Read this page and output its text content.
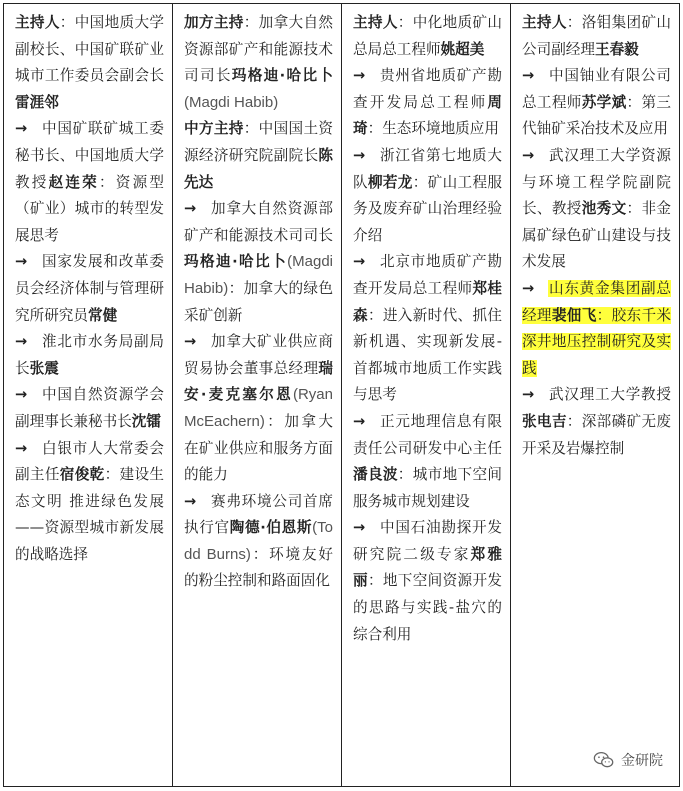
主持人：中国地质大学副校长、中国矿联矿业城市工作委员会副会长雷涯邻
→ 中国矿联矿城工委秘书长、中国地质大学教授赵连荣：资源型（矿业）城市的转型发展思考
→ 国家发展和改革委员会经济体制与管理研究所研究员常健
→ 淮北市水务局副局长张震
→ 中国自然资源学会副理事长兼秘书长沈镭
→ 白银市人大常委会副主任宿俊乾：建设生态文明 推进绿色发展——资源型城市新发展的战略选择

加方主持：加拿大自然资源部矿产和能源技术司司长玛格迪·哈比卜(Magdi Habib)
中方主持：中国国土资源经济研究院副院长陈先达
→ 加拿大自然资源部矿产和能源技术司司长玛格迪·哈比卜(Magdi Habib)：加拿大的绿色采矿创新
→ 加拿大矿业供应商贸易协会董事总经理瑞安·麦克塞尔恩(Ryan McEachern)：加拿大在矿业供应和服务方面的能力
→ 赛弗环境公司首席执行官陶德·伯恩斯(Todd Burns)：环境友好的粉尘控制和路面固化

主持人：中化地质矿山总局总工程师姚超美
→ 贵州省地质矿产勘查开发局总工程师周琦：生态环境地质应用
→ 浙江省第七地质大队柳若龙：矿山工程服务及废弃矿山治理经验介绍
→ 北京市地质矿产勘查开发局总工程师郑桂森：进入新时代、抓住新机遇、实现新发展-首都城市地质工作实践与思考
→ 正元地理信息有限责任公司研发中心主任潘良波：城市地下空间服务城市规划建设
→ 中国石油勘探开发研究院二级专家郑雅丽：地下空间资源开发的思路与实践-盐穴的综合利用

主持人：洛钼集团矿山公司副经理王春毅
→ 中国铀业有限公司总工程师苏学斌：第三代铀矿采冶技术及应用
→ 武汉理工大学资源与环境工程学院副院长、教授池秀文：非金属矿绿色矿山建设与技术发展
→ 山东黄金集团副总经理裴佃飞：胶东千米深井地压控制研究及实践
→ 武汉理工大学教授张电吉：深部磷矿无废开采及岩爆控制
金研院
